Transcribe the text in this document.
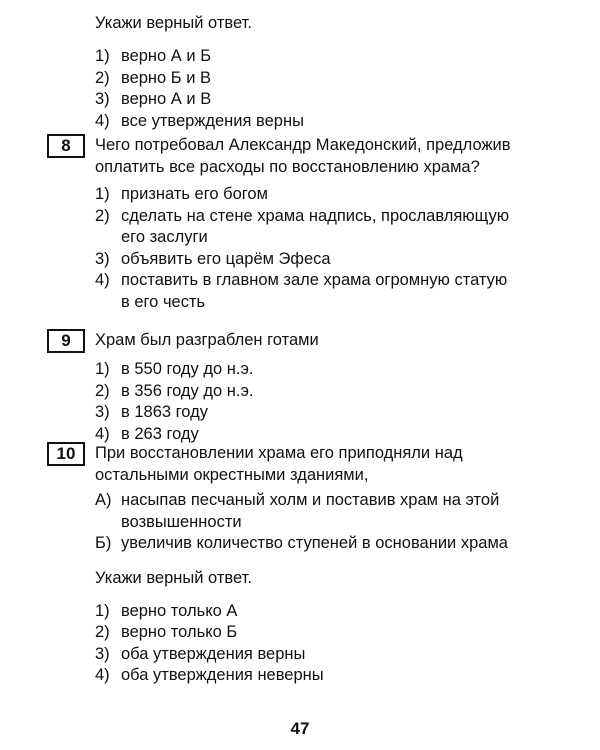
Укажи верный ответ.
1) верно А и Б
2) верно Б и В
3) верно А и В
4) все утверждения верны
8	Чего потребовал Александр Македонский, предложив оплатить все расходы по восстановлению храма?
1) признать его богом
2) сделать на стене храма надпись, прославляющую его заслуги
3) объявить его царём Эфеса
4) поставить в главном зале храма огромную статую в его честь
9	Храм был разграблен готами
1) в 550 году до н.э.
2) в 356 году до н.э.
3) в 1863 году
4) в 263 году
10	При восстановлении храма его приподняли над остальными окрестными зданиями,
А) насыпав песчаный холм и поставив храм на этой возвышенности
Б) увеличив количество ступеней в основании храма
Укажи верный ответ.
1) верно только А
2) верно только Б
3) оба утверждения верны
4) оба утверждения неверны
47
